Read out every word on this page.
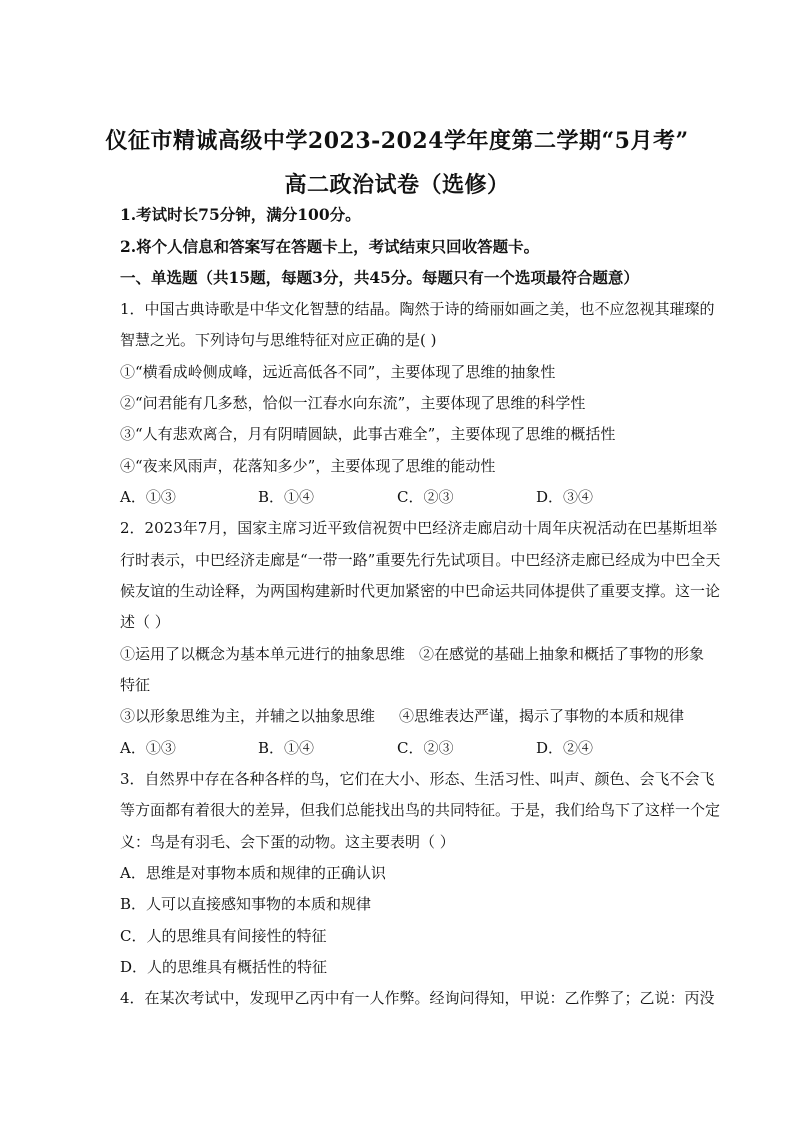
仪征市精诚高级中学2023-2024学年度第二学期“5月考”
高二政治试卷（选修）
1.考试时长75分钟，满分100分。
2.将个人信息和答案写在答题卡上，考试结束只回收答题卡。
一、单选题（共15题，每题3分，共45分。每题只有一个选项最符合题意）
1．中国古典诗歌是中华文化智慧的结晶。陶然于诗的绮丽如画之美，也不应忽视其璀璨的
智慧之光。下列诗句与思维特征对应正确的是( )
①“横看成岭侧成峰，远近高低各不同”，主要体现了思维的抽象性
②“问君能有几多愁，恰似一江春水向东流”，主要体现了思维的科学性
③“人有悲欢离合，月有阴晴圆缺，此事古难全”，主要体现了思维的概括性
④“夜来风雨声，花落知多少”，主要体现了思维的能动性
A．①③	B．①④	C．②③	D．③④
2．2023年7月，国家主席习近平致信祝贺中巴经济走廊启动十周年庆祝活动在巴基斯坦举
行时表示，中巴经济走廊是“一带一路”重要先行先试项目。中巴经济走廊已经成为中巴全天
候友谊的生动诠释，为两国构建新时代更加紧密的中巴命运共同体提供了重要支撑。这一论
述（ ）
①运用了以概念为基本单元进行的抽象思维 ②在感觉的基础上抽象和概括了事物的形象
特征
③以形象思维为主，并辅之以抽象思维 ④思维表达严谨，揭示了事物的本质和规律
A．①③	B．①④	C．②③	D．②④
3．自然界中存在各种各样的鸟，它们在大小、形态、生活习性、叫声、颜色、会飞不会飞
等方面都有着很大的差异，但我们总能找出鸟的共同特征。于是，我们给鸟下了这样一个定
义：鸟是有羽毛、会下蛋的动物。这主要表明（ ）
A．思维是对事物本质和规律的正确认识
B．人可以直接感知事物的本质和规律
C．人的思维具有间接性的特征
D．人的思维具有概括性的特征
4．在某次考试中，发现甲乙丙中有一人作弊。经询问得知，甲说：乙作弊了；乙说：丙没
